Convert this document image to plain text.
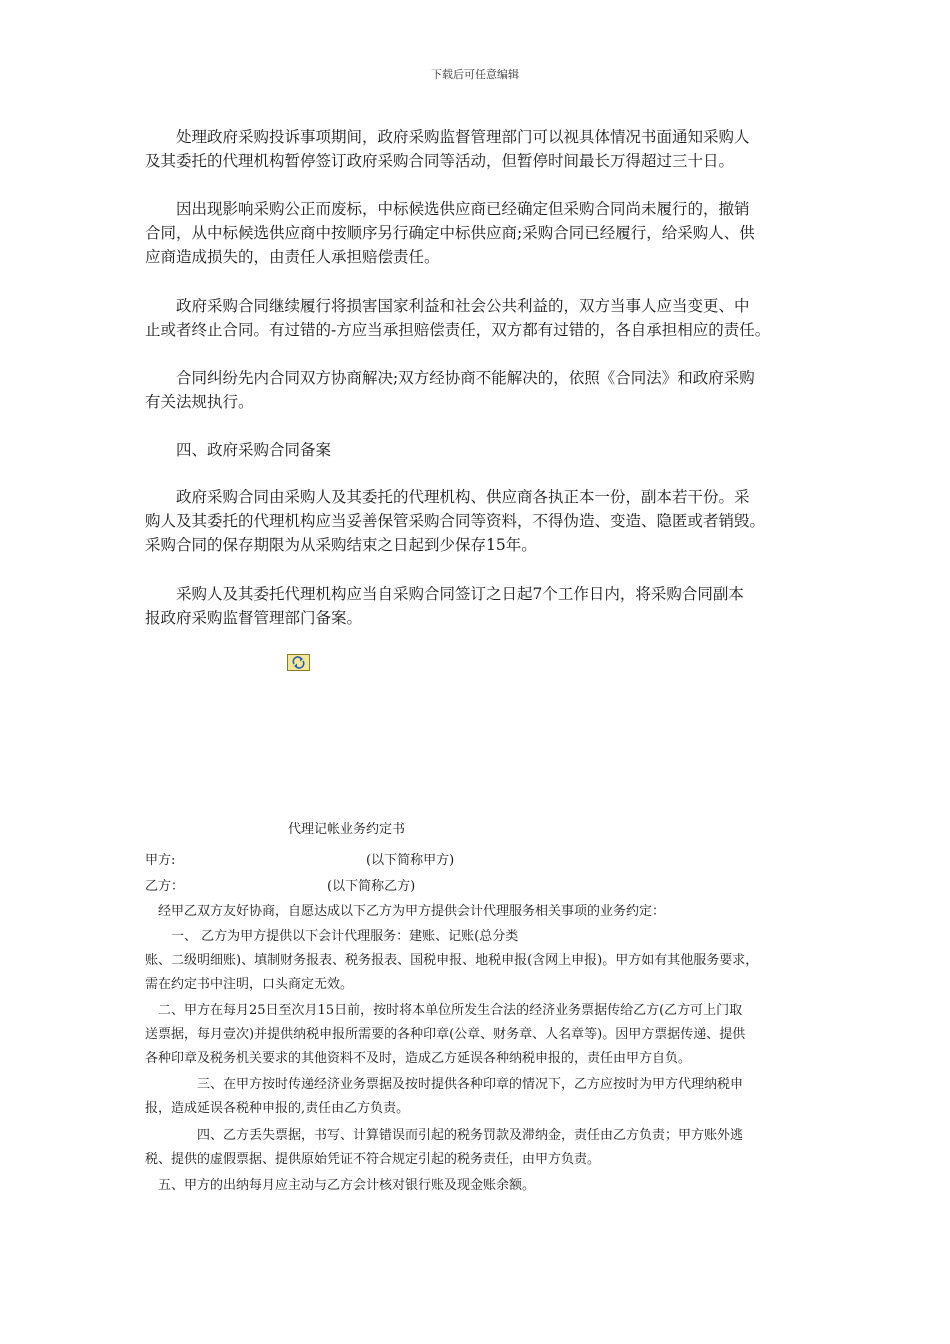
下载后可任意编辑

　　处理政府采购投诉事项期间，政府采购监督管理部门可以视具体情况书面通知采购人
及其委托的代理机构暂停签订政府采购合同等活动，但暂停时间最长万得超过三十日。

　　因出现影响采购公正而废标，中标候选供应商已经确定但采购合同尚未履行的，撤销
合同，从中标候选供应商中按顺序另行确定中标供应商;采购合同已经履行，给采购人、供
应商造成损失的，由责任人承担赔偿责任。

　　政府采购合同继续履行将损害国家利益和社会公共利益的，双方当事人应当变更、中
止或者终止合同。有过错的-方应当承担赔偿责任，双方都有过错的，各自承担相应的责任。

　　合同纠纷先内合同双方协商解决;双方经协商不能解决的，依照《合同法》和政府采购
有关法规执行。

　　四、政府采购合同备案

　　政府采购合同由采购人及其委托的代理机构、供应商各执正本一份，副本若干份。采
购人及其委托的代理机构应当妥善保管采购合同等资料，不得伪造、变造、隐匿或者销毁。
采购合同的保存期限为从采购结束之日起到少保存15年。

　　采购人及其委托代理机构应当自采购合同签订之日起7个工作日内，将采购合同副本
报政府采购监督管理部门备案。

代理记帐业务约定书
甲方:	(以下简称甲方)
乙方：	(以下简称乙方)
经甲乙双方友好协商，自愿达成以下乙方为甲方提供会计代理服务相关事项的业务约定：

　　一、 乙方为甲方提供以下会计代理服务：建账、记账(总分类
账、二级明细账)、填制财务报表、税务报表、国税申报、地税申报(含网上申报)。甲方如有其他服务要求，
需在约定书中注明，口头商定无效。

　二、甲方在每月25日至次月15日前，按时将本单位所发生合法的经济业务票据传给乙方(乙方可上门取
送票据，每月壹次)并提供纳税申报所需要的各种印章(公章、财务章、人名章等)。因甲方票据传递、提供
各种印章及税务机关要求的其他资料不及时，造成乙方延误各种纳税申报的，责任由甲方自负。

　　　　三、在甲方按时传递经济业务票据及按时提供各种印章的情况下，乙方应按时为甲方代理纳税申
报，造成延误各税种申报的,责任由乙方负责。

　　　　四、乙方丢失票据，书写、计算错误而引起的税务罚款及滞纳金，责任由乙方负责；甲方账外逃
税、提供的虚假票据、提供原始凭证不符合规定引起的税务责任，由甲方负责。

　五、甲方的出纳每月应主动与乙方会计核对银行账及现金账余额。
